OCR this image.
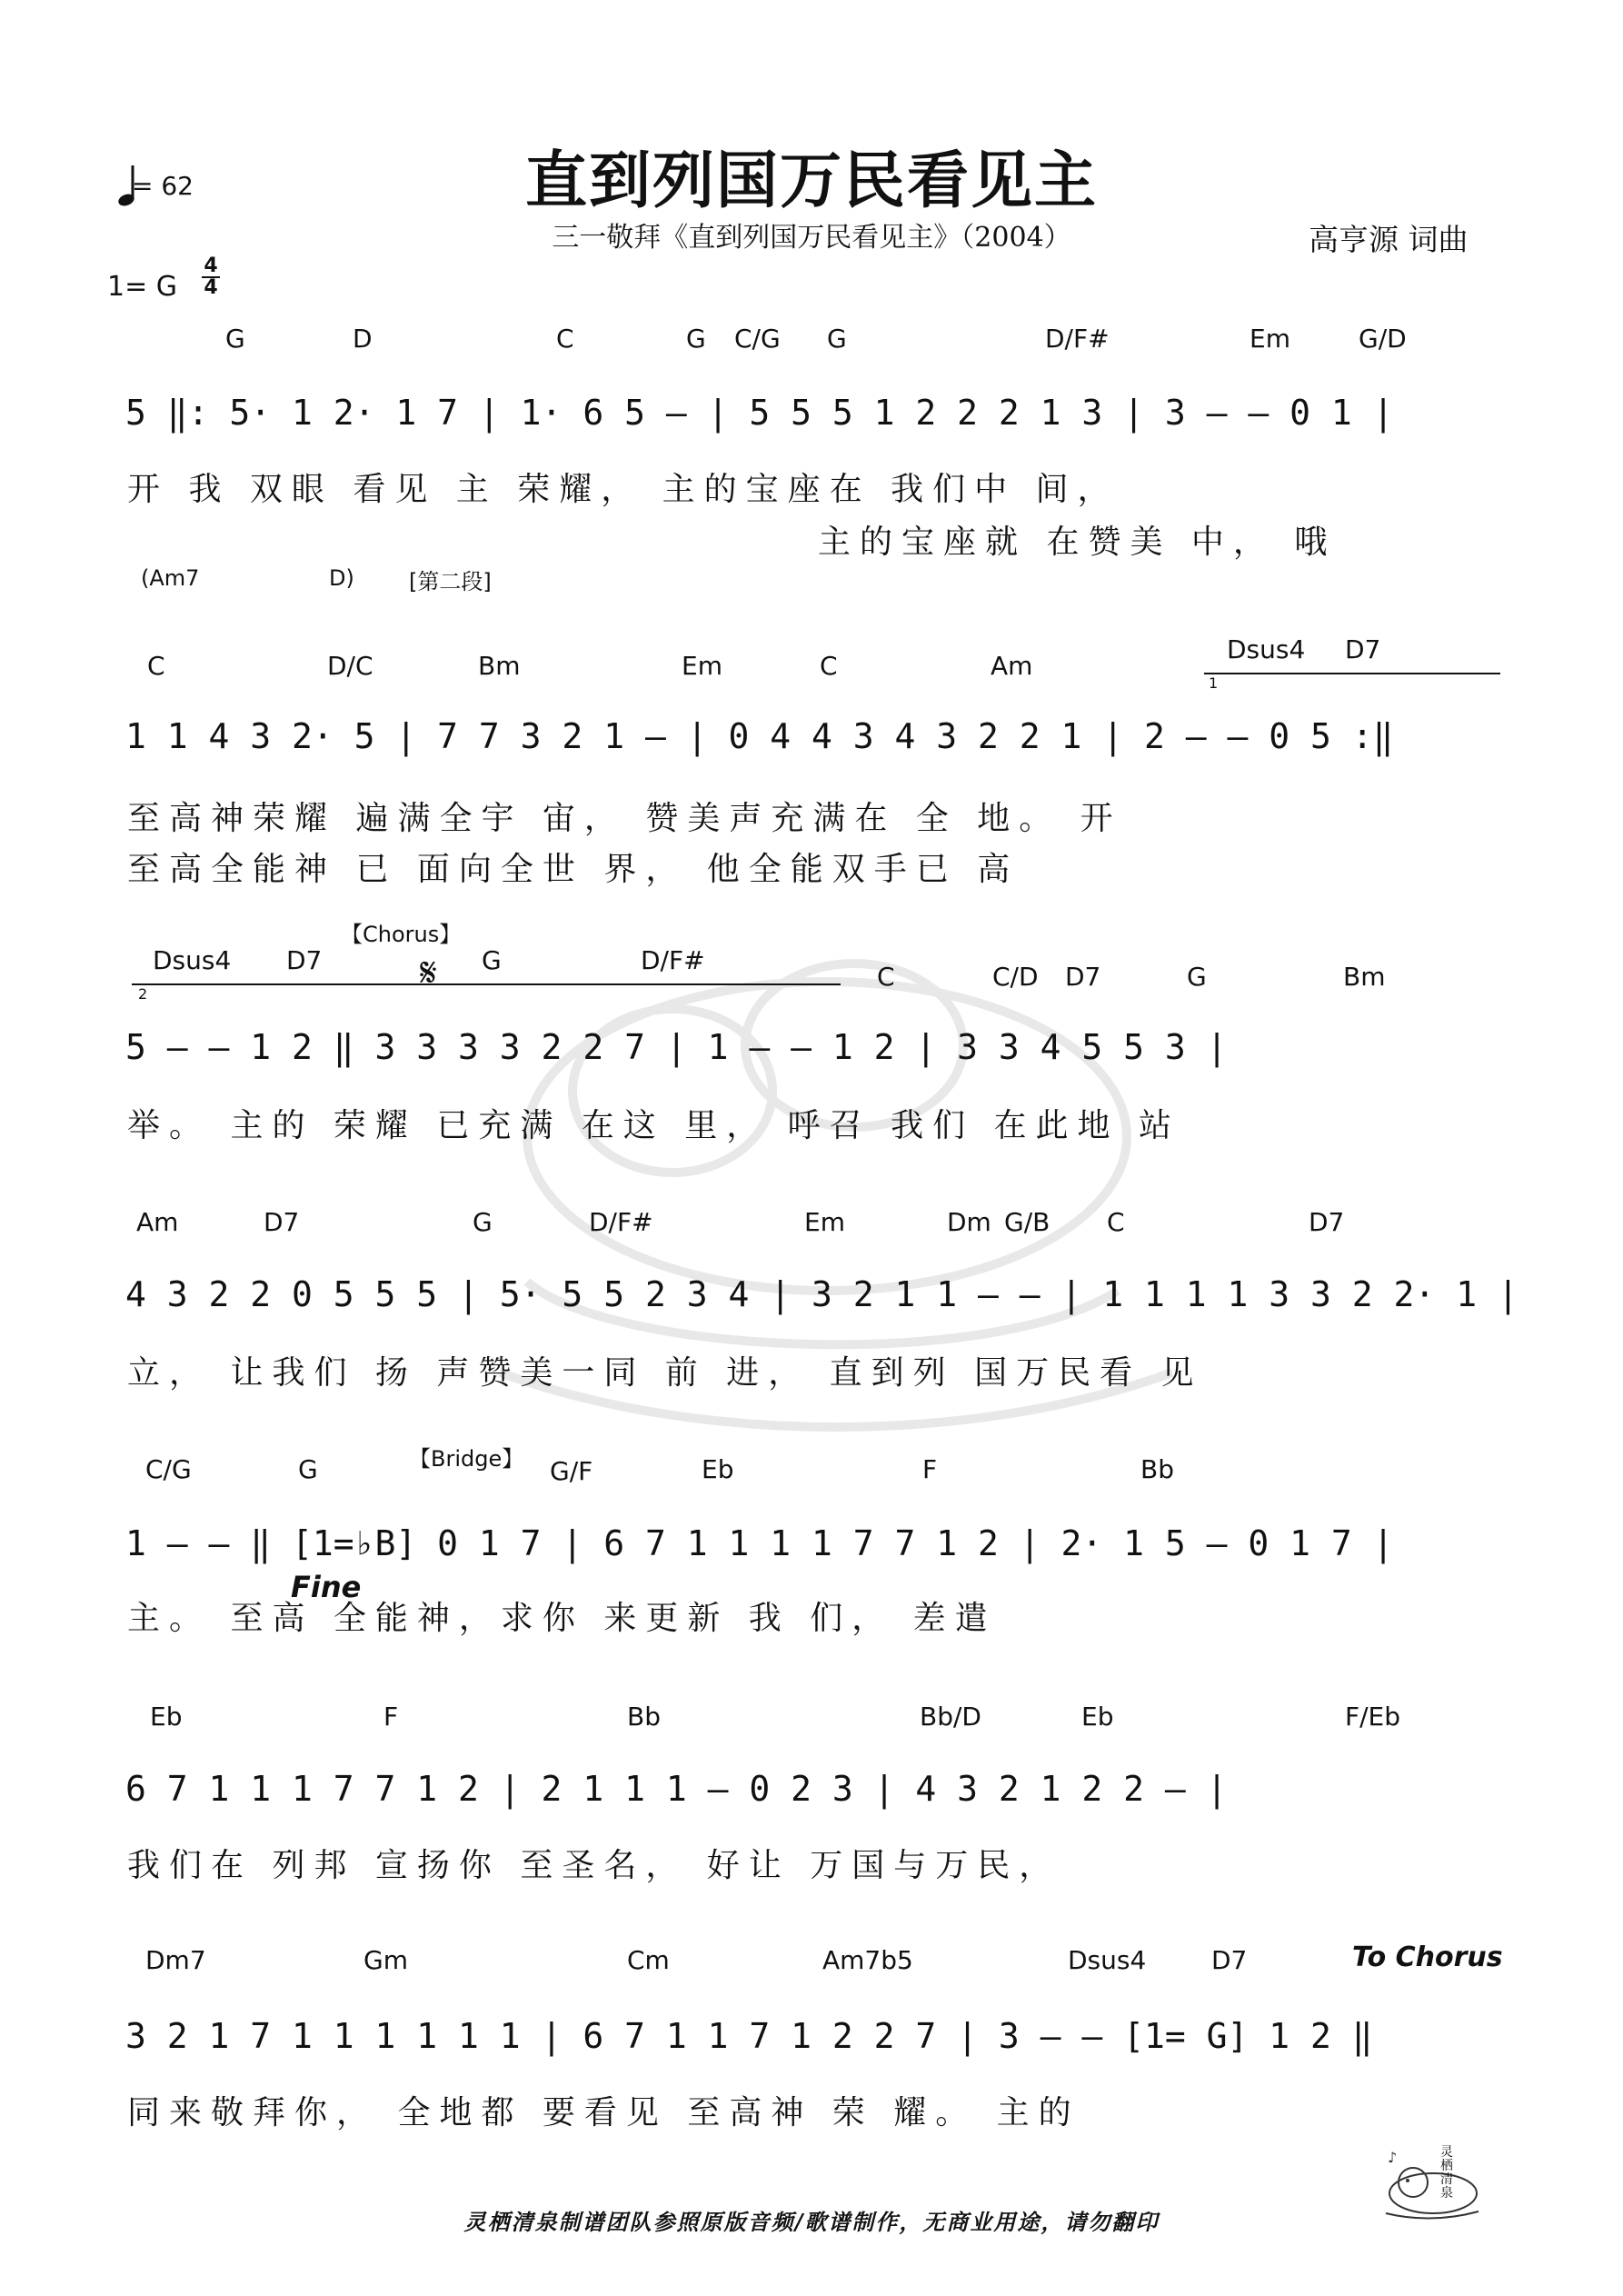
直到列国万民看见主
三一敬拜《直到列国万民看见主》（2004）	高亨源 词曲
= 62
1= G
4
4
G	D	C	G C/G G	D/F#	Em	G/D
5 ‖: 5· 1 2· 1 7 | 1· 6 5 – | 5 5 5 1 2 2 2 1 3 | 3 – – 0 1 |
开 我 双眼 看见 主 荣耀， 主的宝座在 我们中 间，
主的宝座就 在赞美 中， 哦
(Am7	D)	[第二段]
C	D/C	Bm	Em	C	Am
Dsus4 D7
1
1 1 4 3 2· 5 | 7 7 3 2 1 – | 0 4 4 3 4 3 2 2 1 | 2 – – 0 5 :‖
至高神荣耀 遍满全宇 宙， 赞美声充满在 全 地。 开
至高全能神 已 面向全世 界， 他全能双手已 高
【Chorus】
Dsus4 D7	G	D/F#
C	C/D D7	G	Bm
2	𝄋
5 – – 1 2 ‖ 3 3 3 3 2 2 7 | 1 – – 1 2 | 3 3 4 5 5 3 |
举。 主的 荣耀 已充满 在这 里， 呼召 我们 在此地 站
Am	D7	G	D/F#	Em	Dm G/B C	D7
4 3 2 2 0 5 5 5 | 5· 5 5 2 3 4 | 3 2 1 1 – – | 1 1 1 1 3 3 2 2· 1 |
立， 让我们 扬 声赞美一同 前 进， 直到列 国万民看 见
【Bridge】
C/G	G	G/F	Eb	F	Bb
1 – – ‖ [1=♭B] 0 1 7 | 6 7 1 1 1 1 7 7 1 2 | 2· 1 5 – 0 1 7 |
Fine
主。 至高 全能神，求你 来更新 我 们， 差遣
Eb	F	Bb	Bb/D	Eb	F/Eb
6 7 1 1 1 7 7 1 2 | 2 1 1 1 – 0 2 3 | 4 3 2 1 2 2 – |
我们在 列邦 宣扬你 至圣名， 好让 万国与万民，
Dm7	Gm	Cm	Am7b5	Dsus4	D7	To Chorus
3 2 1 7 1 1 1 1 1 1 | 6 7 1 1 7 1 2 2 7 | 3 – – [1= G] 1 2 ‖
同来敬拜你， 全地都 要看见 至高神 荣 耀。 主的
灵栖清泉制谱团队参照原版音频/歌谱制作，无商业用途，请勿翻印
♪	灵栖清泉
